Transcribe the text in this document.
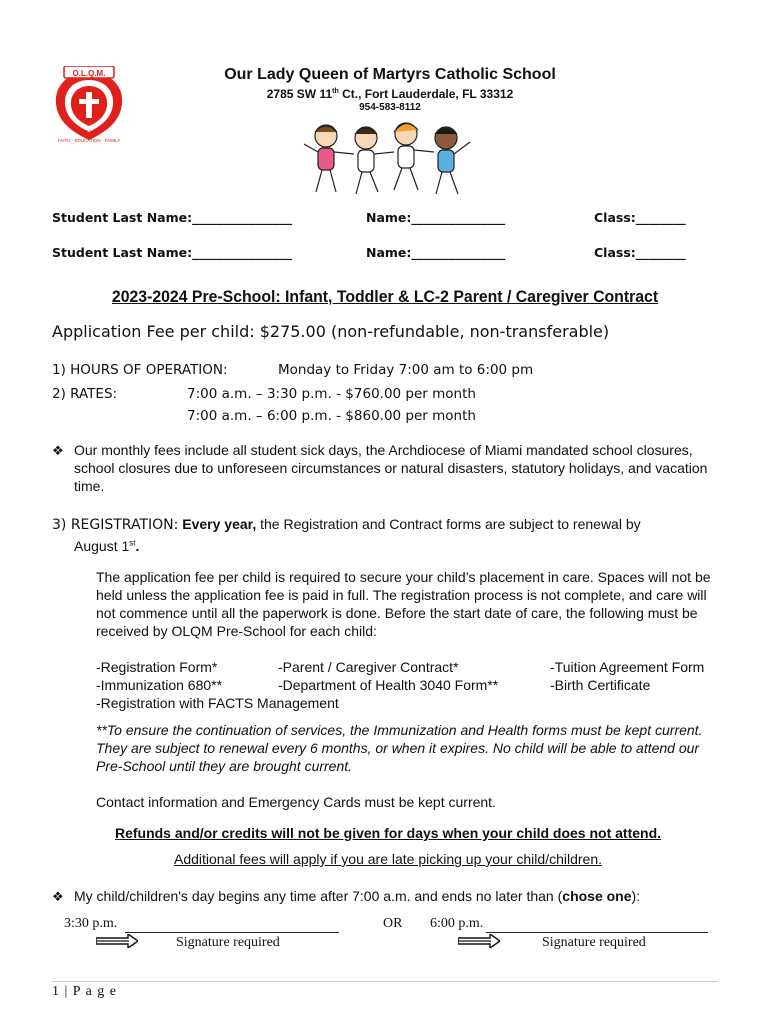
O.L.Q.M.
EST 1927
FAITH · EDUCATION · FAMILY
Our Lady Queen of Martyrs Catholic School
2785 SW 11th Ct., Fort Lauderdale, FL 33312
954-583-8112
Student Last Name:________________	Name:_______________	Class:________
Student Last Name:________________	Name:_______________	Class:________
2023-2024 Pre-School: Infant, Toddler & LC-2 Parent / Caregiver Contract
Application Fee per child: $275.00 (non-refundable, non-transferable)
1) HOURS OF OPERATION:	Monday to Friday 7:00 am to 6:00 pm
2) RATES:	7:00 a.m. – 3:30 p.m. - $760.00 per month
7:00 a.m. – 6:00 p.m. - $860.00 per month
❖ Our monthly fees include all student sick days, the Archdiocese of Miami mandated school closures, school closures due to unforeseen circumstances or natural disasters, statutory holidays, and vacation time.
3) REGISTRATION: Every year, the Registration and Contract forms are subject to renewal by
August 1st.
The application fee per child is required to secure your child’s placement in care. Spaces will not be held unless the application fee is paid in full. The registration process is not complete, and care will not commence until all the paperwork is done. Before the start date of care, the following must be received by OLQM Pre-School for each child:
-Registration Form*	-Parent / Caregiver Contract*	-Tuition Agreement Form
-Immunization 680**	-Department of Health 3040 Form**	-Birth Certificate
-Registration with FACTS Management
**To ensure the continuation of services, the Immunization and Health forms must be kept current. They are subject to renewal every 6 months, or when it expires. No child will be able to attend our Pre-School until they are brought current.
Contact information and Emergency Cards must be kept current.
Refunds and/or credits will not be given for days when your child does not attend.
Additional fees will apply if you are late picking up your child/children.
❖ My child/children's day begins any time after 7:00 a.m. and ends no later than (chose one):
3:30 p.m.
Signature required
OR 6:00 p.m.
Signature required
1 | P a g e
